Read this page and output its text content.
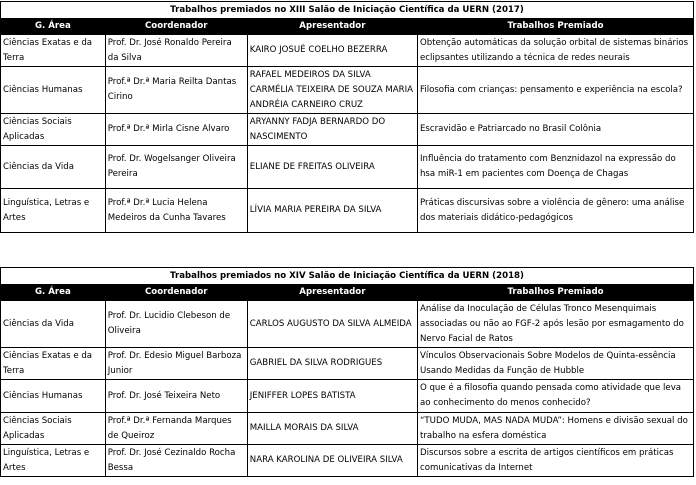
Trabalhos premiados no XIII Salão de Iniciação Científica da UERN (2017)			
G. Área	Coordenador	Apresentador	Trabalhos Premiado
Ciências Exatas e da Terra	Prof. Dr. José Ronaldo Pereira da Silva	KAIRO JOSUÉ COELHO BEZERRA	Obtenção automáticas da solução orbital de sistemas binários eclipsantes utilizando a técnica de redes neurais
Ciências Humanas	Prof.ª Dr.ª Maria Reilta Dantas Cirino	RAFAEL MEDEIROS DA SILVA CARMÉLIA TEIXEIRA DE SOUZA MARIA ANDRÉIA CARNEIRO CRUZ	Filosofia com crianças: pensamento e experiência na escola?
Ciências Sociais Aplicadas	Prof.ª Dr.ª Mirla Cisne Alvaro	ARYANNY FADJA BERNARDO DO NASCIMENTO	Escravidão e Patriarcado no Brasil Colônia
Ciências da Vida	Prof. Dr. Wogelsanger Oliveira Pereira	ELIANE DE FREITAS OLIVEIRA	Influência do tratamento com Benznidazol na expressão do hsa miR-1 em pacientes com Doença de Chagas
Linguística, Letras e Artes	Prof.ª Dr.ª Lucia Helena Medeiros da Cunha Tavares	LÍVIA MARIA PEREIRA DA SILVA	Práticas discursivas sobre a violência de gênero: uma análise dos materiais didático-pedagógicos
Trabalhos premiados no XIV Salão de Iniciação Científica da UERN (2018)			
G. Área	Coordenador	Apresentador	Trabalhos Premiado
Ciências da Vida	Prof. Dr. Lucidio Clebeson de Oliveira	CARLOS AUGUSTO DA SILVA ALMEIDA	Análise da Inoculação de Células Tronco Mesenquimais associadas ou não ao FGF-2 após lesão por esmagamento do Nervo Facial de Ratos
Ciências Exatas e da Terra	Prof. Dr. Edesio Miguel Barboza Junior	GABRIEL DA SILVA RODRIGUES	Vínculos Observacionais Sobre Modelos de Quinta-essência Usando Medidas da Função de Hubble
Ciências Humanas	Prof. Dr. José Teixeira Neto	JENIFFER LOPES BATISTA	O que é a filosofia quando pensada como atividade que leva ao conhecimento do menos conhecido?
Ciências Sociais Aplicadas	Prof.ª Dr.ª Fernanda Marques de Queiroz	MAILLA MORAIS DA SILVA	“TUDO MUDA, MAS NADA MUDA”: Homens e divisão sexual do trabalho na esfera doméstica
Linguística, Letras e Artes	Prof. Dr. José Cezinaldo Rocha Bessa	NARA KAROLINA DE OLIVEIRA SILVA	Discursos sobre a escrita de artigos científicos em práticas comunicativas da Internet
